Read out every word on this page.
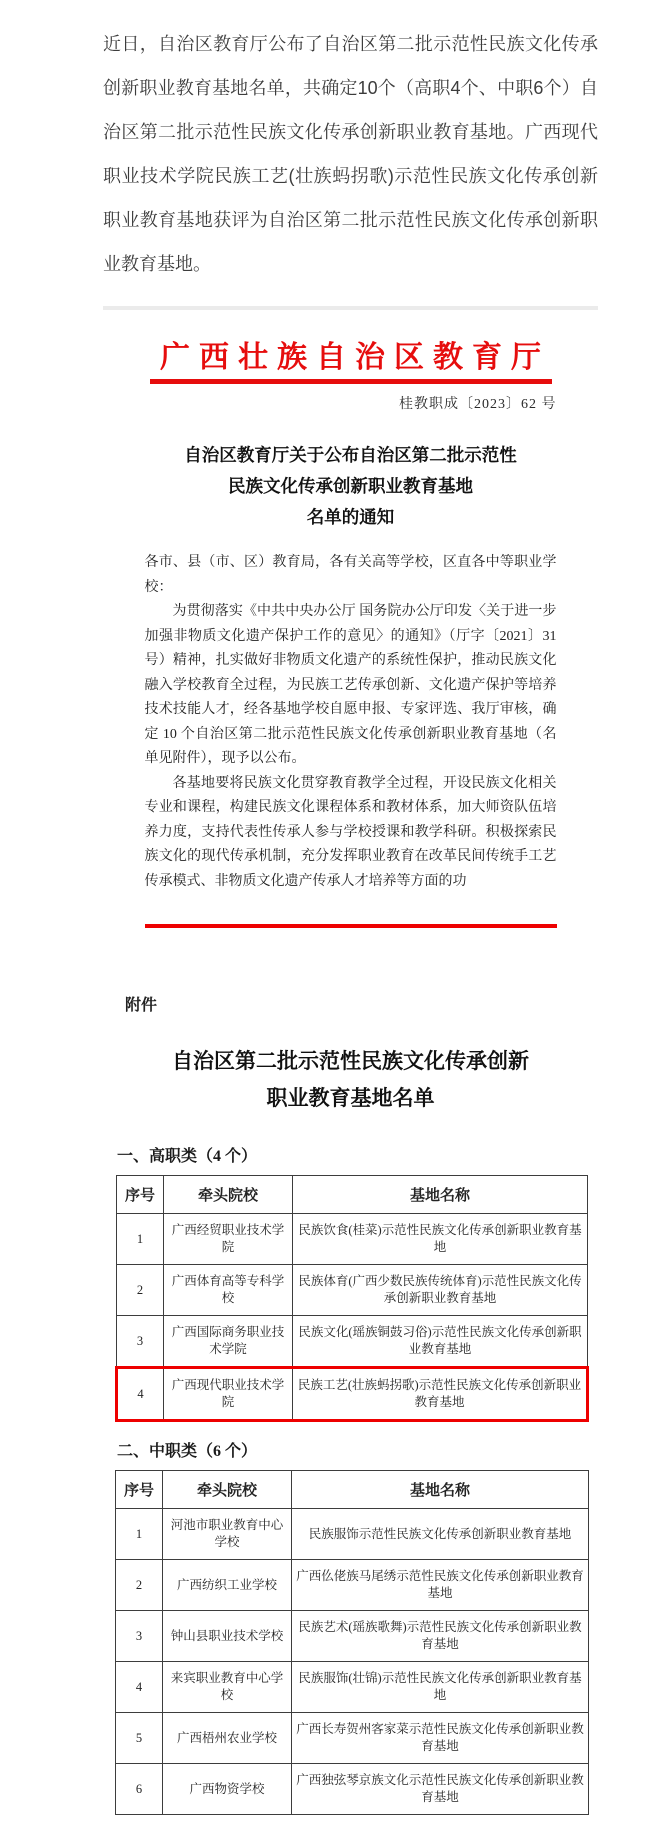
近日，自治区教育厅公布了自治区第二批示范性民族文化传承创新职业教育基地名单，共确定10个（高职4个、中职6个）自治区第二批示范性民族文化传承创新职业教育基地。广西现代职业技术学院民族工艺(壮族蚂拐歌)示范性民族文化传承创新职业教育基地获评为自治区第二批示范性民族文化传承创新职业教育基地。

广西壮族自治区教育厅
桂教职成〔2023〕62 号
自治区教育厅关于公布自治区第二批示范性
民族文化传承创新职业教育基地
名单的通知

各市、县（市、区）教育局，各有关高等学校，区直各中等职业学校：

为贯彻落实《中共中央办公厅 国务院办公厅印发〈关于进一步加强非物质文化遗产保护工作的意见〉的通知》（厅字〔2021〕31 号）精神，扎实做好非物质文化遗产的系统性保护，推动民族文化融入学校教育全过程，为民族工艺传承创新、文化遗产保护等培养技术技能人才，经各基地学校自愿申报、专家评选、我厅审核，确定 10 个自治区第二批示范性民族文化传承创新职业教育基地（名单见附件），现予以公布。

各基地要将民族文化贯穿教育教学全过程，开设民族文化相关专业和课程，构建民族文化课程体系和教材体系，加大师资队伍培养力度，支持代表性传承人参与学校授课和教学科研。积极探索民族文化的现代传承机制，充分发挥职业教育在改革民间传统手工艺传承模式、非物质文化遗产传承人才培养等方面的功

附件
自治区第二批示范性民族文化传承创新
职业教育基地名单
一、高职类（4 个）
序号	牵头院校	基地名称
1	广西经贸职业技术学院	民族饮食(桂菜)示范性民族文化传承创新职业教育基地
2	广西体育高等专科学校	民族体育(广西少数民族传统体育)示范性民族文化传承创新职业教育基地
3	广西国际商务职业技术学院	民族文化(瑶族铜鼓习俗)示范性民族文化传承创新职业教育基地
4	广西现代职业技术学院	民族工艺(壮族蚂拐歌)示范性民族文化传承创新职业教育基地
二、中职类（6 个）
序号	牵头院校	基地名称
1	河池市职业教育中心学校	民族服饰示范性民族文化传承创新职业教育基地
2	广西纺织工业学校	广西仫佬族马尾绣示范性民族文化传承创新职业教育基地
3	钟山县职业技术学校	民族艺术(瑶族歌舞)示范性民族文化传承创新职业教育基地
4	来宾职业教育中心学校	民族服饰(壮锦)示范性民族文化传承创新职业教育基地
5	广西梧州农业学校	广西长寿贺州客家菜示范性民族文化传承创新职业教育基地
6	广西物资学校	广西独弦琴京族文化示范性民族文化传承创新职业教育基地
